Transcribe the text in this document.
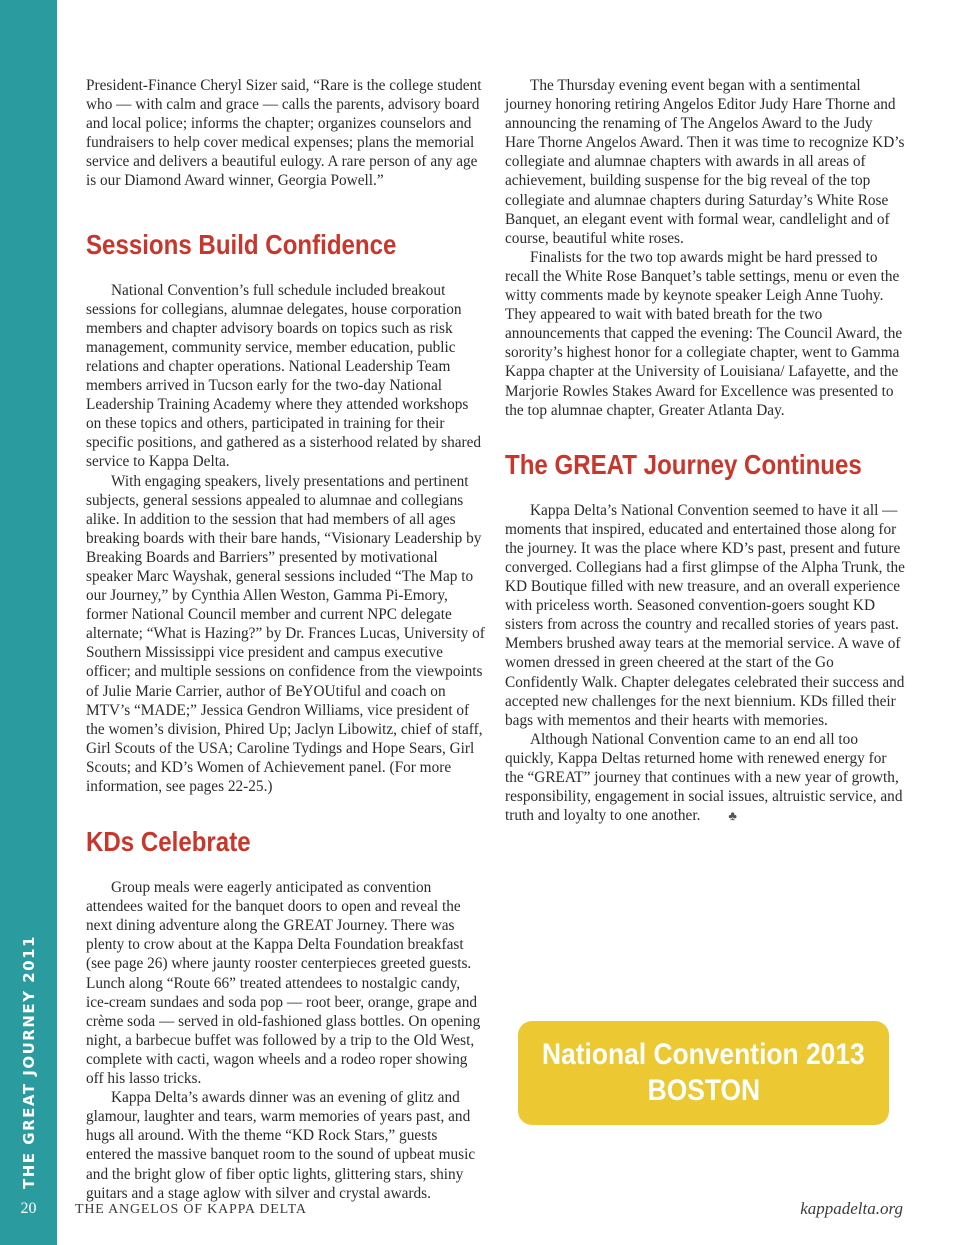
THE GREAT JOURNEY 2011
20

President-Finance Cheryl Sizer said, “Rare is the college student who — with calm and grace — calls the parents, advisory board and local police; informs the chapter; organizes counselors and fundraisers to help cover medical expenses; plans the memorial service and delivers a beautiful eulogy. A rare person of any age is our Diamond Award winner, Georgia Powell.”

Sessions Build Confidence

National Convention’s full schedule included breakout sessions for collegians, alumnae delegates, house corporation members and chapter advisory boards on topics such as risk management, community service, member education, public relations and chapter operations. National Leadership Team members arrived in Tucson early for the two-day National Leadership Training Academy where they attended workshops on these topics and others, participated in training for their specific positions, and gathered as a sisterhood related by shared service to Kappa Delta.

With engaging speakers, lively presentations and pertinent subjects, general sessions appealed to alumnae and collegians alike. In addition to the session that had members of all ages breaking boards with their bare hands, “Visionary Leadership by Breaking Boards and Barriers” presented by motivational speaker Marc Wayshak, general sessions included “The Map to our Journey,” by Cynthia Allen Weston, Gamma Pi-Emory, former National Council member and current NPC delegate alternate; “What is Hazing?” by Dr. Frances Lucas, University of Southern Mississippi vice president and campus executive officer; and multiple sessions on confidence from the viewpoints of Julie Marie Carrier, author of BeYOUtiful and coach on MTV’s “MADE;” Jessica Gendron Williams, vice president of the women’s division, Phired Up; Jaclyn Libowitz, chief of staff, Girl Scouts of the USA; Caroline Tydings and Hope Sears, Girl Scouts; and KD’s Women of Achievement panel. (For more information, see pages 22-25.)

KDs Celebrate

Group meals were eagerly anticipated as convention attendees waited for the banquet doors to open and reveal the next dining adventure along the GREAT Journey. There was plenty to crow about at the Kappa Delta Foundation breakfast (see page 26) where jaunty rooster centerpieces greeted guests. Lunch along “Route 66” treated attendees to nostalgic candy, ice-cream sundaes and soda pop — root beer, orange, grape and crème soda — served in old-fashioned glass bottles. On opening night, a barbecue buffet was followed by a trip to the Old West, complete with cacti, wagon wheels and a rodeo roper showing off his lasso tricks.

Kappa Delta’s awards dinner was an evening of glitz and glamour, laughter and tears, warm memories of years past, and hugs all around. With the theme “KD Rock Stars,” guests entered the massive banquet room to the sound of upbeat music and the bright glow of fiber optic lights, glittering stars, shiny guitars and a stage aglow with silver and crystal awards.

The Thursday evening event began with a sentimental journey honoring retiring Angelos Editor Judy Hare Thorne and announcing the renaming of The Angelos Award to the Judy Hare Thorne Angelos Award. Then it was time to recognize KD’s collegiate and alumnae chapters with awards in all areas of achievement, building suspense for the big reveal of the top collegiate and alumnae chapters during Saturday’s White Rose Banquet, an elegant event with formal wear, candlelight and of course, beautiful white roses.

Finalists for the two top awards might be hard pressed to recall the White Rose Banquet’s table settings, menu or even the witty comments made by keynote speaker Leigh Anne Tuohy. They appeared to wait with bated breath for the two announcements that capped the evening: The Council Award, the sorority’s highest honor for a collegiate chapter, went to Gamma Kappa chapter at the University of Louisiana/ Lafayette, and the Marjorie Rowles Stakes Award for Excellence was presented to the top alumnae chapter, Greater Atlanta Day.

The GREAT Journey Continues

Kappa Delta’s National Convention seemed to have it all — moments that inspired, educated and entertained those along for the journey. It was the place where KD’s past, present and future converged. Collegians had a first glimpse of the Alpha Trunk, the KD Boutique filled with new treasure, and an overall experience with priceless worth. Seasoned convention-goers sought KD sisters from across the country and recalled stories of years past. Members brushed away tears at the memorial service. A wave of women dressed in green cheered at the start of the Go Confidently Walk. Chapter delegates celebrated their success and accepted new challenges for the next biennium. KDs filled their bags with mementos and their hearts with memories.

Although National Convention came to an end all too quickly, Kappa Deltas returned home with renewed energy for the “GREAT” journey that continues with a new year of growth, responsibility, engagement in social issues, altruistic service, and truth and loyalty to one another. ♣

National Convention 2013
BOSTON
THE ANGELOS OF KAPPA DELTA	kappadelta.org
